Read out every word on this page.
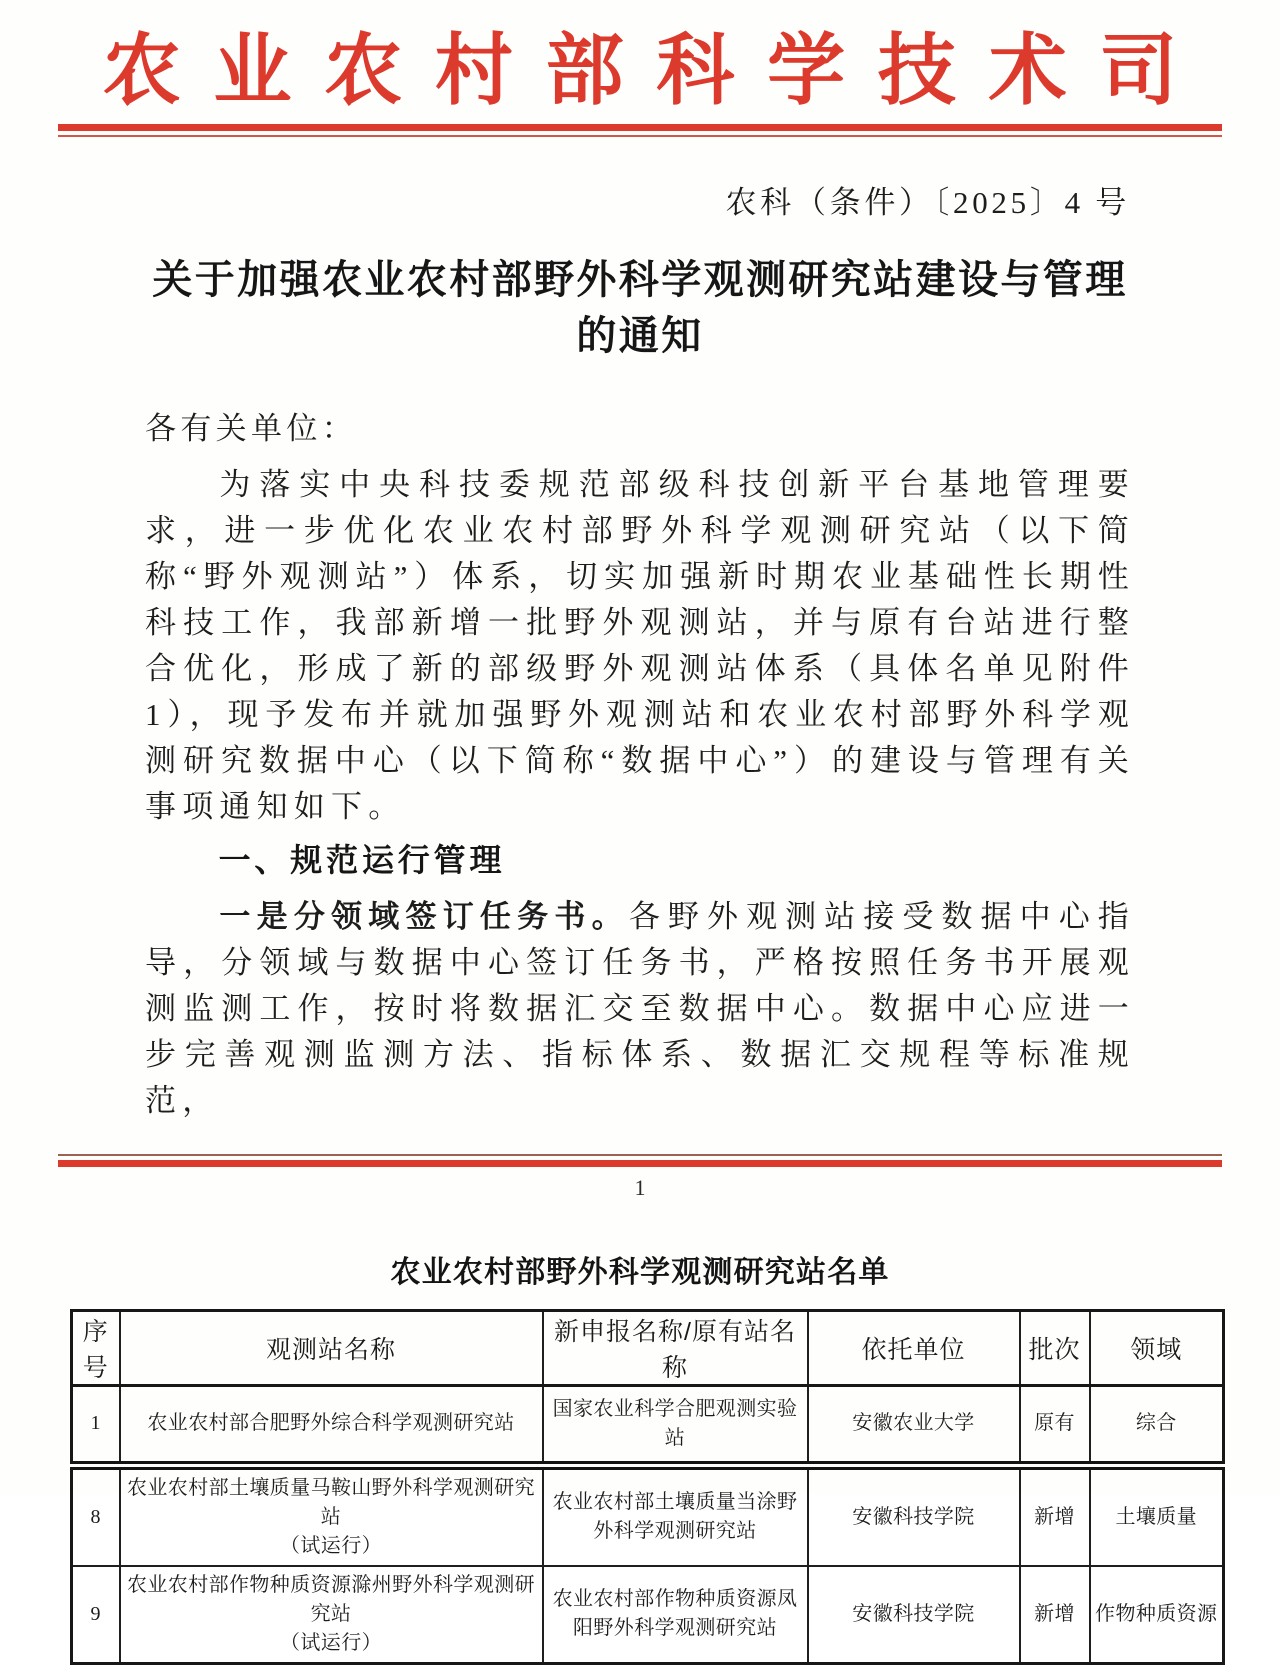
农业农村部科学技术司
农科（条件）〔2025〕4 号
关于加强农业农村部野外科学观测研究站建设与管理
的通知

各有关单位：

为落实中央科技委规范部级科技创新平台基地管理要求，进一步优化农业农村部野外科学观测研究站（以下简称“野外观测站”）体系，切实加强新时期农业基础性长期性科技工作，我部新增一批野外观测站，并与原有台站进行整合优化，形成了新的部级野外观测站体系（具体名单见附件 1），现予发布并就加强野外观测站和农业农村部野外科学观测研究数据中心（以下简称“数据中心”）的建设与管理有关事项通知如下。

一、规范运行管理

一是分领域签订任务书。各野外观测站接受数据中心指导，分领域与数据中心签订任务书，严格按照任务书开展观测监测工作，按时将数据汇交至数据中心。数据中心应进一步完善观测监测方法、指标体系、数据汇交规程等标准规范，

1
农业农村部野外科学观测研究站名单
序号	观测站名称	新申报名称/原有站名称	依托单位	批次	领域
1	农业农村部合肥野外综合科学观测研究站	国家农业科学合肥观测实验站	安徽农业大学	原有	综合
8	农业农村部土壤质量马鞍山野外科学观测研究站
（试运行）	农业农村部土壤质量当涂野外科学观测研究站	安徽科技学院	新增	土壤质量
9	农业农村部作物种质资源滁州野外科学观测研究站
（试运行）	农业农村部作物种质资源凤阳野外科学观测研究站	安徽科技学院	新增	作物种质资源
